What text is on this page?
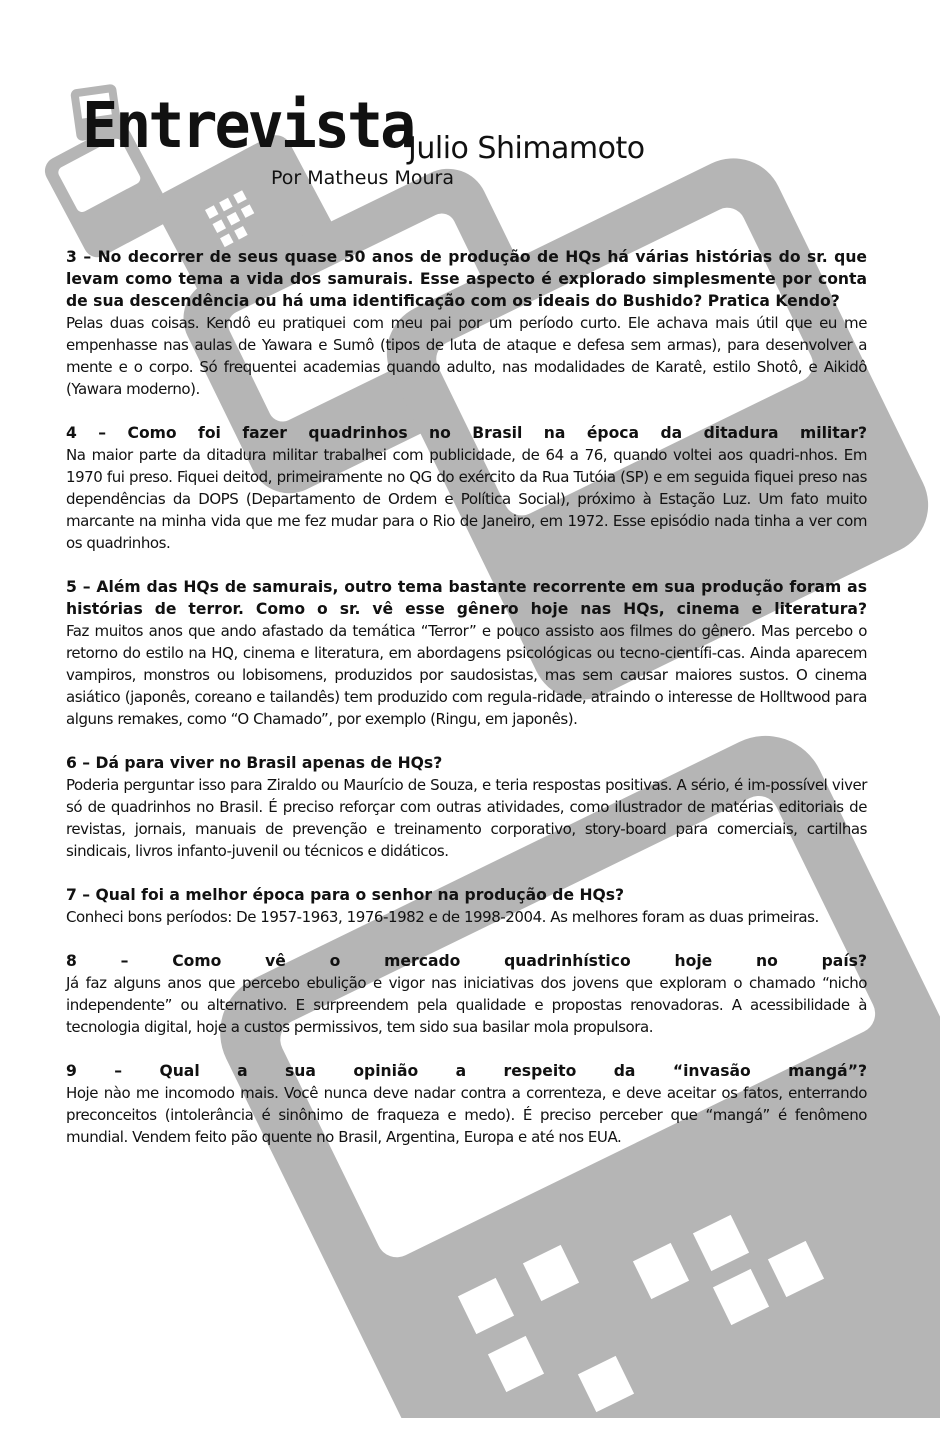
Entrevista
Julio Shimamoto
Por Matheus Moura

3 – No decorrer de seus quase 50 anos de produção de HQs há várias histórias do sr. que levam como tema a vida dos samurais. Esse aspecto é explorado simplesmente por conta de sua descendência ou há uma identificação com os ideais do Bushido? Pratica Kendo?

Pelas duas coisas. Kendô eu pratiquei com meu pai por um período curto. Ele achava mais útil que eu me empenhasse nas aulas de Yawara e Sumô (tipos de luta de ataque e defesa sem armas), para desenvolver a mente e o corpo. Só frequentei academias quando adulto, nas modalidades de Karatê, estilo Shotô, e Aikidô (Yawara moderno).

4 – Como foi fazer quadrinhos no Brasil na época da ditadura militar?

Na maior parte da ditadura militar trabalhei com publicidade, de 64 a 76, quando voltei aos quadri-nhos. Em 1970 fui preso. Fiquei deitod, primeiramente no QG do exército da Rua Tutóia (SP) e em seguida fiquei preso nas dependências da DOPS (Departamento de Ordem e Política Social), próximo à Estação Luz. Um fato muito marcante na minha vida que me fez mudar para o Rio de Janeiro, em 1972. Esse episódio nada tinha a ver com os quadrinhos.

5 – Além das HQs de samurais, outro tema bastante recorrente em sua produção foram as histórias de terror. Como o sr. vê esse gênero hoje nas HQs, cinema e literatura?

Faz muitos anos que ando afastado da temática “Terror” e pouco assisto aos filmes do gênero. Mas percebo o retorno do estilo na HQ, cinema e literatura, em abordagens psicológicas ou tecno-científi-cas. Ainda aparecem vampiros, monstros ou lobisomens, produzidos por saudosistas, mas sem causar maiores sustos. O cinema asiático (japonês, coreano e tailandês) tem produzido com regula-ridade, atraindo o interesse de Holltwood para alguns remakes, como “O Chamado”, por exemplo (Ringu, em japonês).

6 – Dá para viver no Brasil apenas de HQs?

Poderia perguntar isso para Ziraldo ou Maurício de Souza, e teria respostas positivas. A sério, é im-possível viver só de quadrinhos no Brasil. É preciso reforçar com outras atividades, como ilustrador de matérias editoriais de revistas, jornais, manuais de prevenção e treinamento corporativo, story-board para comerciais, cartilhas sindicais, livros infanto-juvenil ou técnicos e didáticos.

7 – Qual foi a melhor época para o senhor na produção de HQs?

Conheci bons períodos: De 1957-1963, 1976-1982 e de 1998-2004. As melhores foram as duas primeiras.

8 – Como vê o mercado quadrinhístico hoje no país?

Já faz alguns anos que percebo ebulição e vigor nas iniciativas dos jovens que exploram o chamado “nicho independente” ou alternativo. E surpreendem pela qualidade e propostas renovadoras. A acessibilidade à tecnologia digital, hoje a custos permissivos, tem sido sua basilar mola propulsora.

9 – Qual a sua opinião a respeito da “invasão mangá”?

Hoje nào me incomodo mais. Você nunca deve nadar contra a correnteza, e deve aceitar os fatos, enterrando preconceitos (intolerância é sinônimo de fraqueza e medo). É preciso perceber que “mangá” é fenômeno mundial. Vendem feito pão quente no Brasil, Argentina, Europa e até nos EUA.
